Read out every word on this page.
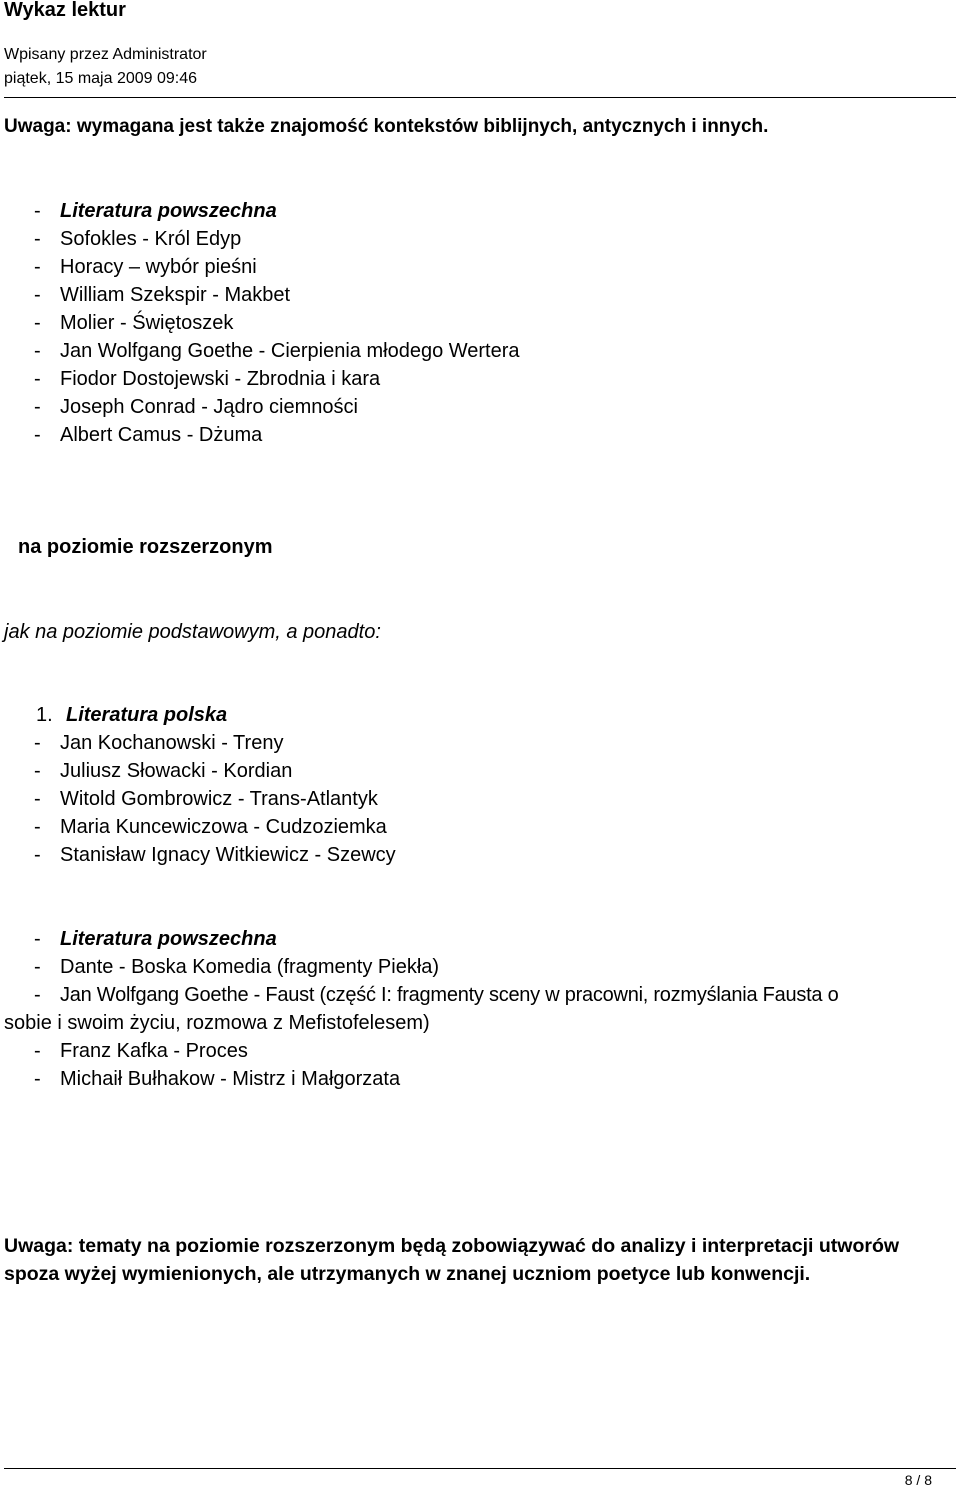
Wykaz lektur
Wpisany przez Administrator
piątek, 15 maja 2009 09:46
Uwaga: wymagana jest także znajomość kontekstów biblijnych, antycznych i innych.
- Literatura powszechna
- Sofokles - Król Edyp
- Horacy – wybór pieśni
- William Szekspir - Makbet
- Molier - Świętoszek
- Jan Wolfgang Goethe - Cierpienia młodego Wertera
- Fiodor Dostojewski - Zbrodnia i kara
- Joseph Conrad - Jądro ciemności
- Albert Camus - Dżuma
na poziomie rozszerzonym
jak na poziomie podstawowym, a ponadto:
1. Literatura polska
- Jan Kochanowski - Treny
- Juliusz Słowacki - Kordian
- Witold Gombrowicz - Trans-Atlantyk
- Maria Kuncewiczowa - Cudzoziemka
- Stanisław Ignacy Witkiewicz - Szewcy
- Literatura powszechna
- Dante - Boska Komedia (fragmenty Piekła)
- Jan Wolfgang Goethe - Faust (część I: fragmenty sceny w pracowni, rozmyślania Fausta o
sobie i swoim życiu, rozmowa z Mefistofelesem)
- Franz Kafka - Proces
- Michaił Bułhakow - Mistrz i Małgorzata
Uwaga: tematy na poziomie rozszerzonym będą zobowiązywać do analizy i interpretacji utworów spoza wyżej wymienionych, ale utrzymanych w znanej uczniom poetyce lub konwencji.
8 / 8
